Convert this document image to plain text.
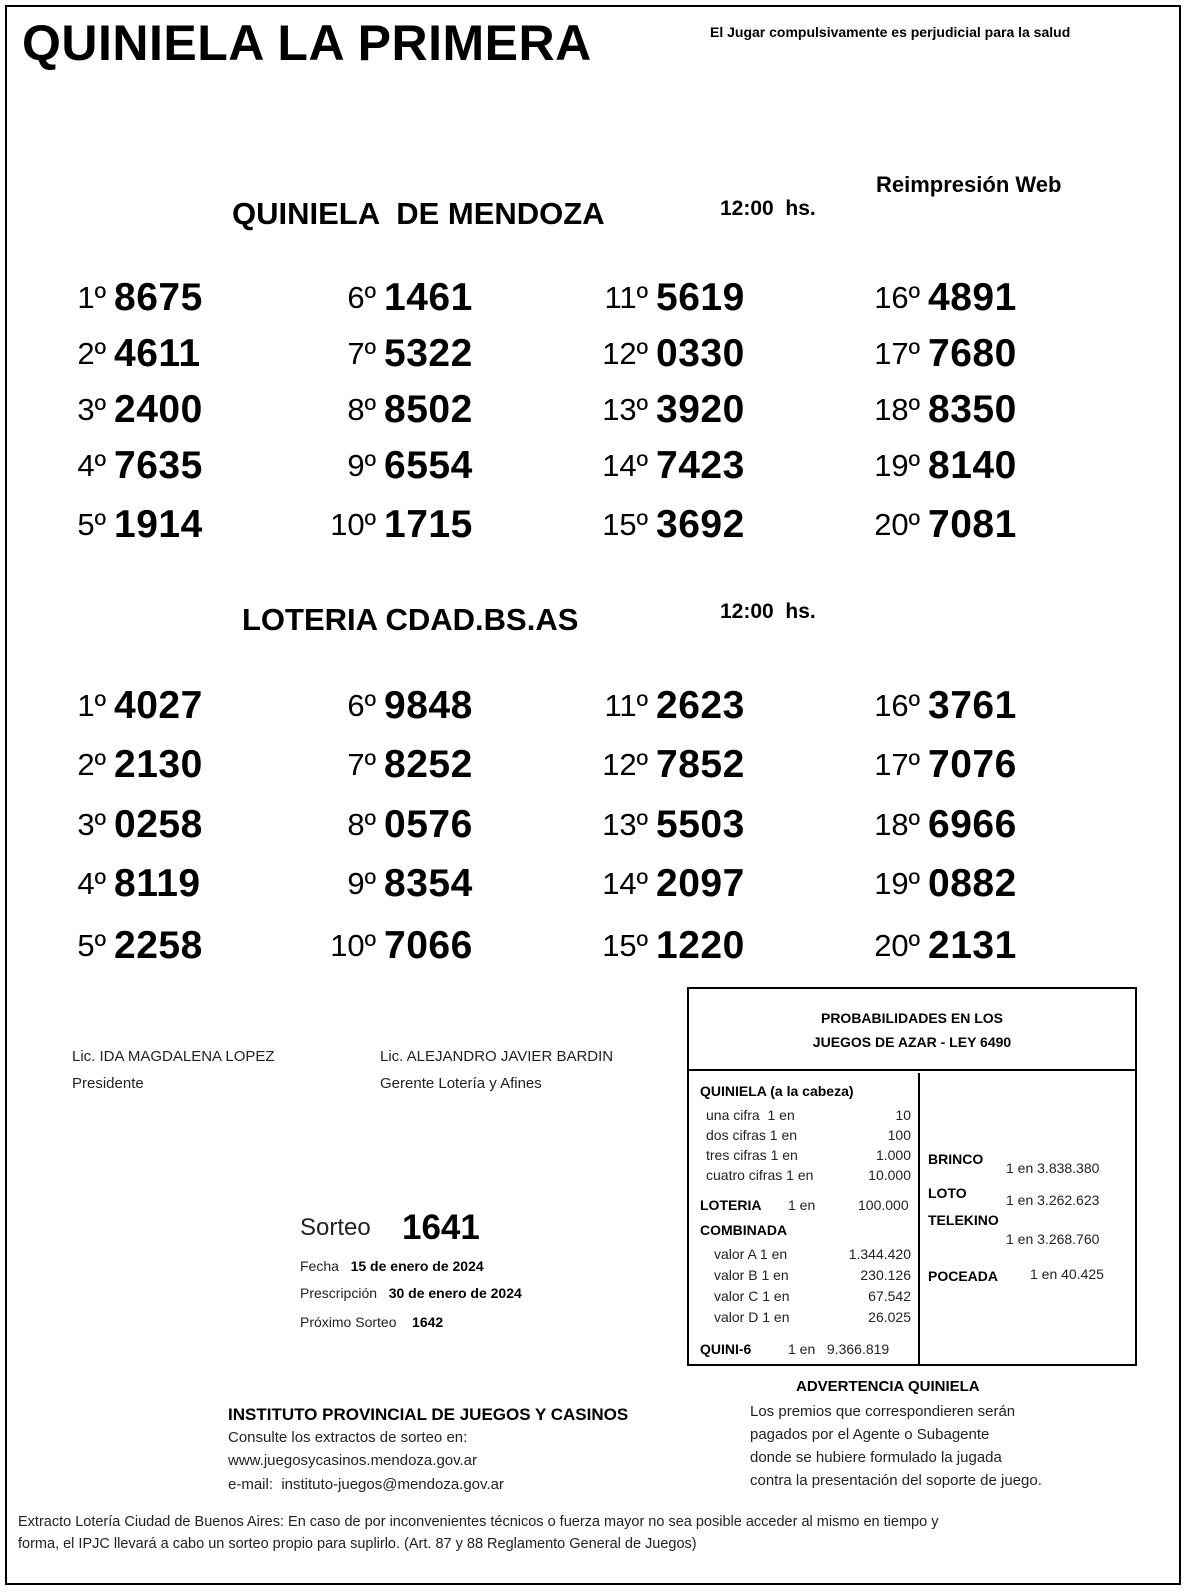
QUINIELA LA PRIMERA	El Jugar compulsivamente es perjudicial para la salud
Reimpresión Web
QUINIELA  DE MENDOZA	12:00  hs.
1º 8675
2º 4611
3º 2400
4º 7635
5º 1914
6º 1461
7º 5322
8º 8502
9º 6554
10º 1715
11º 5619
12º 0330
13º 3920
14º 7423
15º 3692
16º 4891
17º 7680
18º 8350
19º 8140
20º 7081
LOTERIA CDAD.BS.AS	12:00  hs.
1º 4027
2º 2130
3º 0258
4º 8119
5º 2258
6º 9848
7º 8252
8º 0576
9º 8354
10º 7066
11º 2623
12º 7852
13º 5503
14º 2097
15º 1220
16º 3761
17º 7076
18º 6966
19º 0882
20º 2131
Lic. IDA MAGDALENA LOPEZ
Presidente
Lic. ALEJANDRO JAVIER BARDIN
Gerente Lotería y Afines
Sorteo 1641
Fecha 15 de enero de 2024
Prescripción 30 de enero de 2024
Próximo Sorteo 1642
PROBABILIDADES EN LOS
JUEGOS DE AZAR - LEY 6490
QUINIELA (a la cabeza)
una cifra  1 en	10
dos cifras 1 en	100
tres cifras 1 en	1.000
cuatro cifras 1 en	10.000
LOTERIA 1 en	100.000
COMBINADA
valor A 1 en	1.344.420
valor B 1 en	230.126
valor C 1 en	67.542
valor D 1 en	26.025
QUINI-6	1 en   9.366.819
BRINCO
1 en 3.838.380
LOTO	1 en 3.262.623
TELEKINO
1 en 3.268.760
POCEADA 1 en 40.425
INSTITUTO PROVINCIAL DE JUEGOS Y CASINOS
Consulte los extractos de sorteo en:
www.juegosycasinos.mendoza.gov.ar
e-mail:  instituto-juegos@mendoza.gov.ar
ADVERTENCIA QUINIELA
Los premios que correspondieren serán
pagados por el Agente o Subagente
donde se hubiere formulado la jugada
contra la presentación del soporte de juego.
Extracto Lotería Ciudad de Buenos Aires: En caso de por inconvenientes técnicos o fuerza mayor no sea posible acceder al mismo en tiempo y
forma, el IPJC llevará a cabo un sorteo propio para suplirlo. (Art. 87 y 88 Reglamento General de Juegos)
